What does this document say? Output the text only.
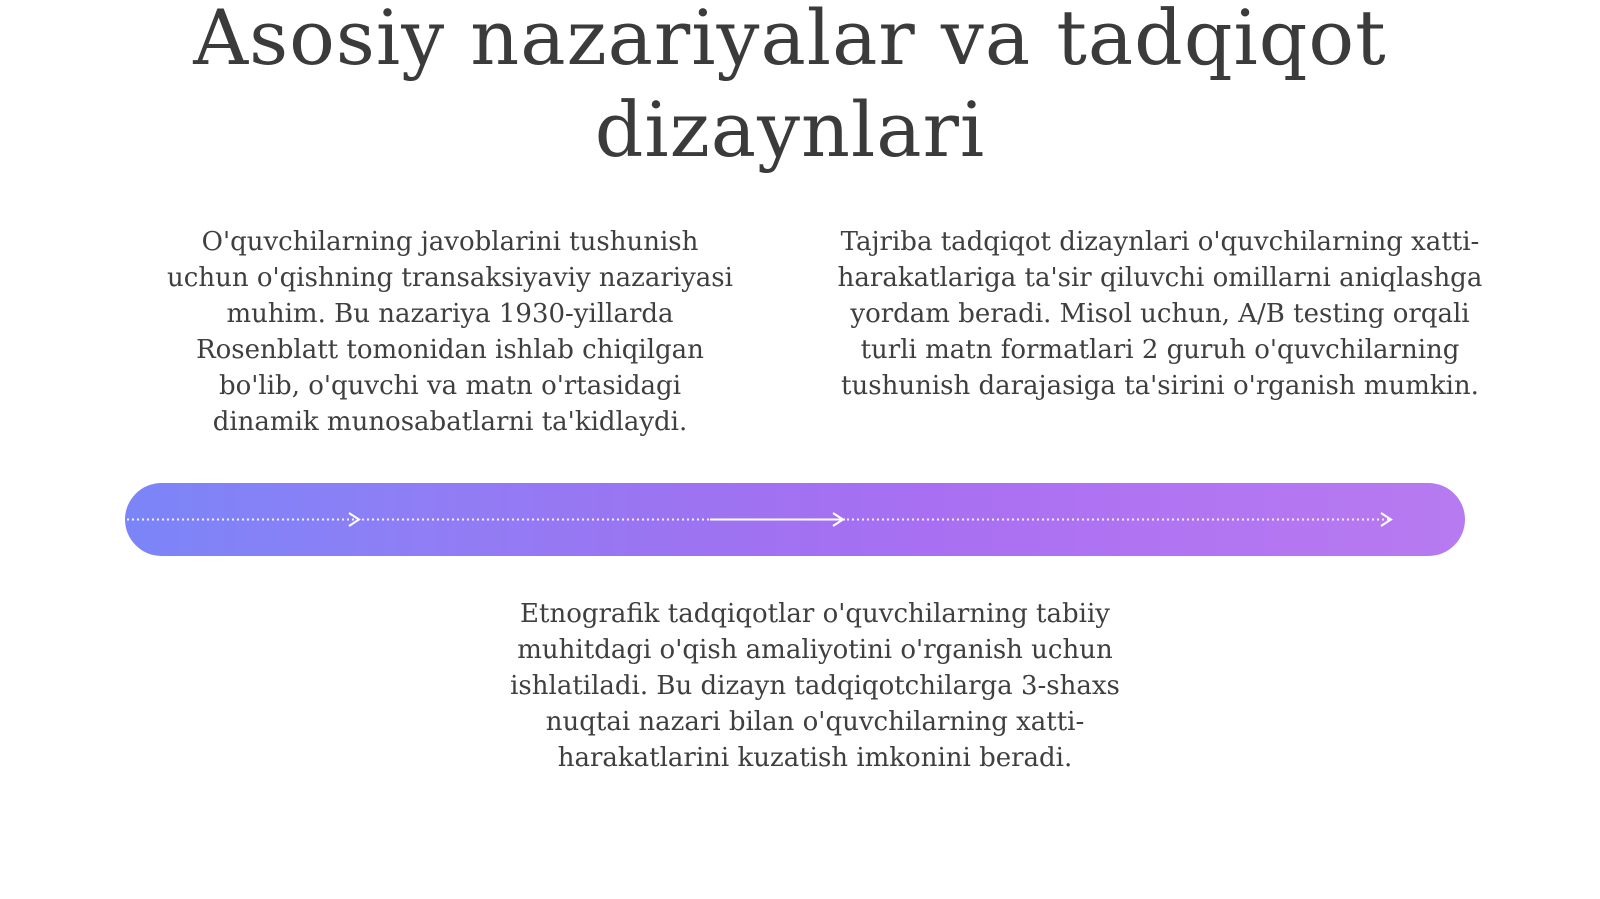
Asosiy nazariyalar va tadqiqot dizaynlari

O'quvchilarning javoblarini tushunish uchun o'qishning transaksiyaviy nazariyasi muhim. Bu nazariya 1930-yillarda Rosenblatt tomonidan ishlab chiqilgan bo'lib, o'quvchi va matn o'rtasidagi dinamik munosabatlarni ta'kidlaydi.

Tajriba tadqiqot dizaynlari o'quvchilarning xatti-harakatlariga ta'sir qiluvchi omillarni aniqlashga yordam beradi. Misol uchun, A/B testing orqali turli matn formatlari 2 guruh o'quvchilarning tushunish darajasiga ta'sirini o'rganish mumkin.

Etnografik tadqiqotlar o'quvchilarning tabiiy muhitdagi o'qish amaliyotini o'rganish uchun ishlatiladi. Bu dizayn tadqiqotchilarga 3-shaxs nuqtai nazari bilan o'quvchilarning xatti-harakatlarini kuzatish imkonini beradi.
